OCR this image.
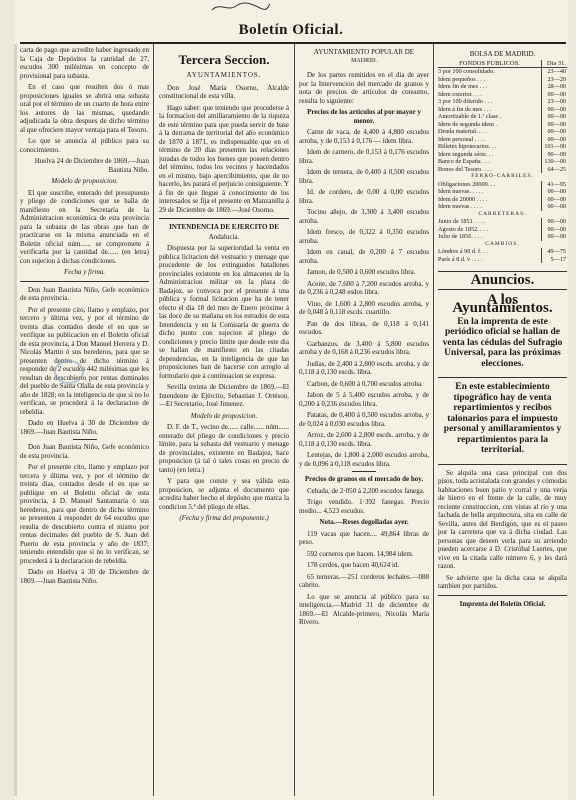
Boletín Oficial.

carta de pago que acredite haber ingresado en la Caja de Depósitos la cantidad de 27, escudos 300 milésimas en concepto de provisional para subasta.

En el caso que resulten dos ó mas proposiciones iguales se abrirá una subasta oral por el término de un cuarto de hora entre los autores de las mismas, quedando adjudicada la obra despues de dicho término al que ofreciere mayor ventaja para el Tesoro.

Lo que se anuncia al público para su conocimiento.

Huelva 24 de Diciembre de 1869.—Juan Bautista Niño.

Modelo de proposicion.

El que suscribe, enterado del presupuesto y pliego de condiciones que se halla de manifiesto en la Secretaría de la Administracion económica de esta provincia para la subasta de las obras que han de practicarse en la misma anunciada en el Boletin oficial núm...... se compromete á verificarla por la cantidad de...... (en letra) con sujecion á dichas condiciones.

Fecha y firma.

Don Juan Bautista Niño, Gefe económico de esta provincia.

Por el presente cito, llamo y emplazo, por tercero y última vez, y por el término de treinta dias contados desde el en que se verifique su publicacion en el Boletin oficial de esta provincia, á Don Manuel Herrera y D. Nicolás Martin ó sus herederos, para que se presenten dentro de dicho término á responder de 2 escudos 442 milésimas que les resultan de descubierto por rentas dominales del pueblo de Santa Olalla de esta provincia y año de 1828; en la inteligencia de que si no lo verifican, se procederá á la declaracion de rebeldía.

Dado en Huelva á 30 de Diciembre de 1869.—Juan Bautista Niño.

Don Juan Bautista Niño, Gefe económico de esta provincia.

Por el presente cito, llamo y emplazo por tercera y última vez, y por el término de treinta dias, contados desde el en que se publique en el Boletin oficial de esta provincia, á D. Manuel Santamaría ó sus herederos, para que dentro de dicho término se presenten á responder de 64 escudos que resulta de descubierto contra el mismo por rentas decimales del pueblo de S. Juan del Puerto de esta provincia y año de 1837; teniendo entendido que si no lo verifican, se procederá á la declaracion de rebeldía.

Dado en Huelva á 30 de Diciembre de 1869.—Juan Bautista Niño.

Tercera Seccion.
AYUNTAMIENTOS.

Don José María Osorno, Alcalde constitucional de esta villa.

Hago saber: que teniendo que procederse á la formacion del amillaramiento de la riqueza de este término para que pueda servir de base á la derrama de territorial del año económico de 1870 á 1871, es indispensable que en el término de 20 dias presenten las relaciones juradas de todos los bienes que poseen dentro del término, todos los vecinos y hacendados en el mismo, bajo apercibimiento, que de no hacerlo, les parará el perjuicio consiguiente. Y á fin de que llegue á conocimiento de los interesados se fija el presente en Manzanilla á 29 de Diciembre de 1869.—José Osorno.

INTENDENCIA DE EJERCITO DE

Andalucía.

Dispuesta por la superioridad la venta en pública licitacion del vestuario y menage que procedente de los extinguidos batallones provinciales existente en los almacenes de la Administracion militar en la plaza de Badajoz, se convoca por el presente á una pública y formal licitacion que ha de tener efecto el dia 18 del mes de Enero próximo á las doce de su mañana en los estrados de esta Intendencia y en la Comisaría de guerra de dicho punto con sujecion al pliego de condiciones y precio límite que desde este dia se hallan de manifiesto en las citadas dependencias, en la inteligencia de que las proposiciones han de hacerse con arreglo al formulario que á continuacion se expresa.

Sevilla treinta de Diciembre de 1869.—El Intendente de Ejército, Sebastian J. Ortéson.—El Secretario, José Jimenez.

Modelo de proposicion.

D. F. de T., vecino de...... calle...... núm...... enterado del pliego de condiciones y precio límite, para la subasta del vestuario y menage de provinciales, existente en Badajoz, hace proposicion (á tal ó tales cosas en precio de tanto) (en letra.)

Y para que conste y sea válida esta proposicion, se adjunta el documento que acredita haber hecho el depósito que marca la condicion 5.ª del pliego de ellas.

(Fecha y firma del proponente.)

AYUNTAMIENTO POPULAR DE
MADRID.

De los partes remitidos en el dia de ayer por la Intervencion del mercado de granos y nota de precios de artículos de consumo, resulta lo siguiente:

Precios de los artículos al por mayor y menor.

Carne de vaca, de 4,400 á 4,800 escudos arroba, y de 0,153 á 0,176 — ídem libra.

Idem de carnero, de 0,153 á 0,176 escudos libra.

Idem de ternera, de 0,400 á 0,500 escudos libra.

Id. de cordero, de 0,00 á 0,00 escudos libra.

Tocino añejo, de 3,300 á 3,400 escudos arroba.

Idem fresco, de 0,322 á 0,350 escudos arroba.

Idem en canal, de 0,200 á 7 escudos arroba.

Jamon, de 0,500 á 0,600 escudos libra.

Aceite, de 7,600 á 7,200 escudos arroba, y de 0,236 á 0,248 esdos libra.

Vino, de 1,600 á 2,800 escudos arroba, y de 0,048 á 0,118 escds. cuartillo.

Pan de dos libras, de 0,118 á 0,141 escudos.

Garbanzos, de 3,400 á 5,800 escudos arroba y de 0,168 á 0,236 escudos libra.

Judías, de 2,400 á 2,800 escds. arroba, y de 0,118 á 0,130 escds. libra.

Carbon, de 0,600 á 0,700 escudos arroba.

Jabon de 5 á 5,400 escudos arroba, y de 0,200 á 0,236 escudos libra.

Patatas, de 0,400 á 0,500 escudos arroba, y de 0,024 á 0,030 escudos libra.

Arroz, de 2,600 á 2,800 escds. arroba, y de 0,118 á 0,130 escds. libra.

Lentejas, de 1,800 á 2,000 escudos arroba, y de 0,096 á 0,118 escudos libra.

Precios de granos en el mercado de hoy.

Cebada, de 2·050 á 2,200 escudos fanega.

Trigo vendido. 1·392 fanegas. Precio medio... 4,523 escudos.

Nota.—Reses degolladas ayer.

119 vacas que hacen.... 49,864 libras de peso.

592 corneros que hacen. 14,984 idem.

178 cerdos, que hacen 40,624 id.

65 terneras.—251 corderos lechales.—088 cabrito.

Lo que se anuncia al público para su inteligencia.—Madrid 31 de diciembre de 1869.—El Alcalde-primero, Nicolás María Rivero.

BOLSA DE MADRID.
FONDOS PÚBLICOS.	Dia 31.
3 por 100 consolidado.	23—40
Idem pequeños . . .	23—20
Idem fin de mes . . .	28—00
Idem exterior. . . .	00—00
3 por 100 diferido . . .	23—00
Idem á fin de mes . . .	00—00
Amortizable de 1.ª clase .	00—00
Idem de segunda idem .	00—00
Deuda material. . . .	00—00
Idem personal . . . .	00—00
Billetes hipotecarios. . .	101—00
Idem segunda série. . .	90—00
Banco de España . . .	130—00
Bonos del Tesoro. . . .	64—25
FERRO-CARRILES.	
Obligaciones 20000. . .	41—95
Idem nuevas. . . . .	00—00
Idem de 20000 . . . .	00—00
Idem nuevas . . . .	00—00
CARRETERAS.	
Junio de 1851 . . . .	00—00
Agosto de 1852. . . .	00—00
Julio de 1856. . . .	00—00
CAMBIOS.	
Lóndres á 90 d. f. . .	49—75
París á 8 d. v . . . .	5—17
Anuncios.
A los Ayuntamientos.
En la imprenta de este periódico oficial se hallan de venta las cédulas del Sufragio Universal, para las próximas elecciones.
En este establecimiento tipográfico hay de venta repartimientos y recibos talonarios para el impuesto personal y amillaramientos y repartimientos para la territorial.

Se alquila una casa principal con dos pisos, toda acristalada con grandes y cómodas habitaciones buen patio y corral y una verja de hierro en el frente de la calle, de muy reciente construccion, con vistas al río y una fachada de bella arquitectura, sita en calle de Sevilla, antes del Berdigon, que es el paseo por la carretera que va á dicha ciudad. Las personas que deseen verla para su arriendo pueden acercarse á D. Cristóbal Lsertes, que vive en la citada calle número 6, y les dará razon.

Se advierte que la dicha casa se alquila tambien por partidos.

Imprenta del Boletín Oficial.
